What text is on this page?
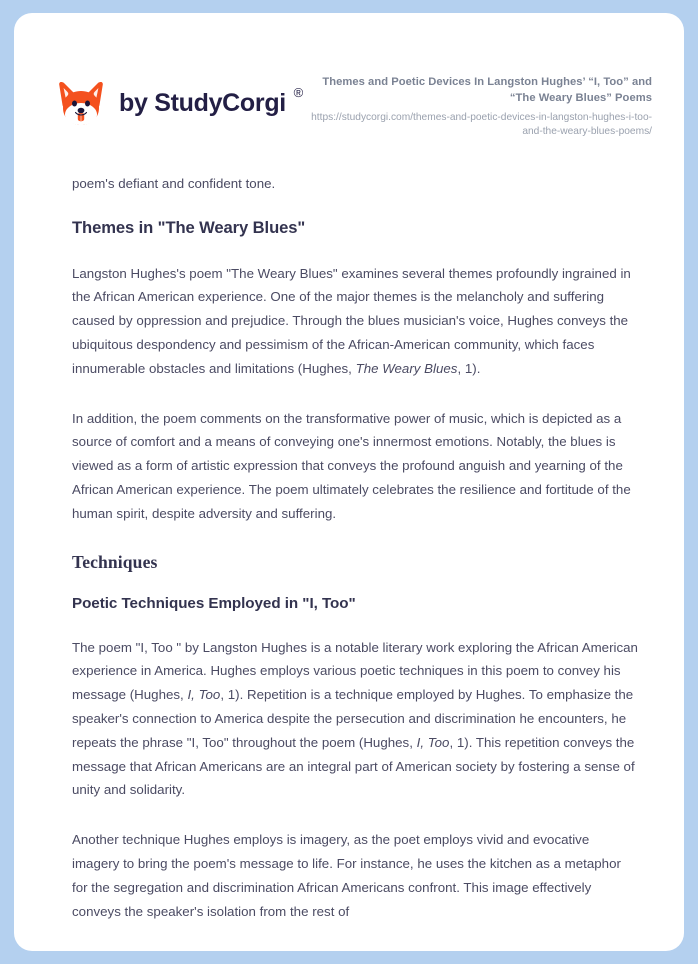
by StudyCorgi ®

Themes and Poetic Devices In Langston Hughes’ “I, Too” and “The Weary Blues” Poems

https://studycorgi.com/themes-and-poetic-devices-in-langston-hughes-i-too-and-the-weary-blues-poems/

poem's defiant and confident tone.

Themes in "The Weary Blues"

Langston Hughes's poem "The Weary Blues" examines several themes profoundly ingrained in the African American experience. One of the major themes is the melancholy and suffering caused by oppression and prejudice. Through the blues musician's voice, Hughes conveys the ubiquitous despondency and pessimism of the African-American community, which faces innumerable obstacles and limitations (Hughes, The Weary Blues, 1).

In addition, the poem comments on the transformative power of music, which is depicted as a source of comfort and a means of conveying one's innermost emotions. Notably, the blues is viewed as a form of artistic expression that conveys the profound anguish and yearning of the African American experience. The poem ultimately celebrates the resilience and fortitude of the human spirit, despite adversity and suffering.

Techniques
Poetic Techniques Employed in "I, Too"

The poem "I, Too " by Langston Hughes is a notable literary work exploring the African American experience in America. Hughes employs various poetic techniques in this poem to convey his message (Hughes, I, Too, 1). Repetition is a technique employed by Hughes. To emphasize the speaker's connection to America despite the persecution and discrimination he encounters, he repeats the phrase "I, Too" throughout the poem (Hughes, I, Too, 1). This repetition conveys the message that African Americans are an integral part of American society by fostering a sense of unity and solidarity.

Another technique Hughes employs is imagery, as the poet employs vivid and evocative imagery to bring the poem's message to life. For instance, he uses the kitchen as a metaphor for the segregation and discrimination African Americans confront. This image effectively conveys the speaker's isolation from the rest of
